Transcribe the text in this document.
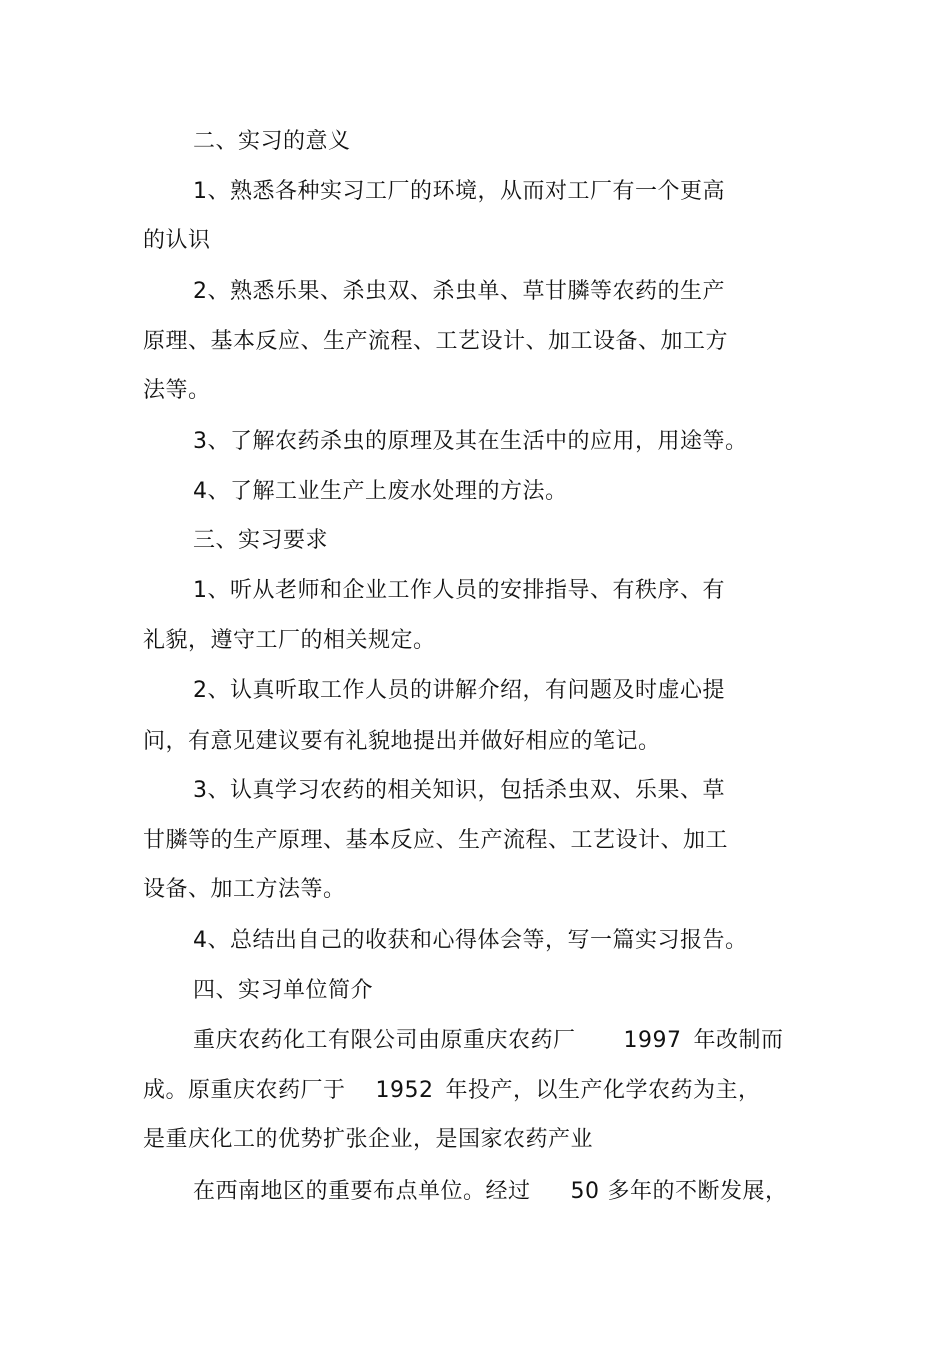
二、实习的意义
1、熟悉各种实习工厂的环境，从而对工厂有一个更高
的认识
2、熟悉乐果、杀虫双、杀虫单、草甘膦等农药的生产
原理、基本反应、生产流程、工艺设计、加工设备、加工方
法等。
3、了解农药杀虫的原理及其在生活中的应用，用途等。
4、了解工业生产上废水处理的方法。
三、实习要求
1、听从老师和企业工作人员的安排指导、有秩序、有
礼貌，遵守工厂的相关规定。
2、认真听取工作人员的讲解介绍，有问题及时虚心提
问，有意见建议要有礼貌地提出并做好相应的笔记。
3、认真学习农药的相关知识，包括杀虫双、乐果、草
甘膦等的生产原理、基本反应、生产流程、工艺设计、加工
设备、加工方法等。
4、总结出自己的收获和心得体会等，写一篇实习报告。
四、实习单位简介
重庆农药化工有限公司由原重庆农药厂 1997 年改制而
成。原重庆农药厂于 1952 年投产，以生产化学农药为主，
是重庆化工的优势扩张企业，是国家农药产业
在西南地区的重要布点单位。经过 50 多年的不断发展，
